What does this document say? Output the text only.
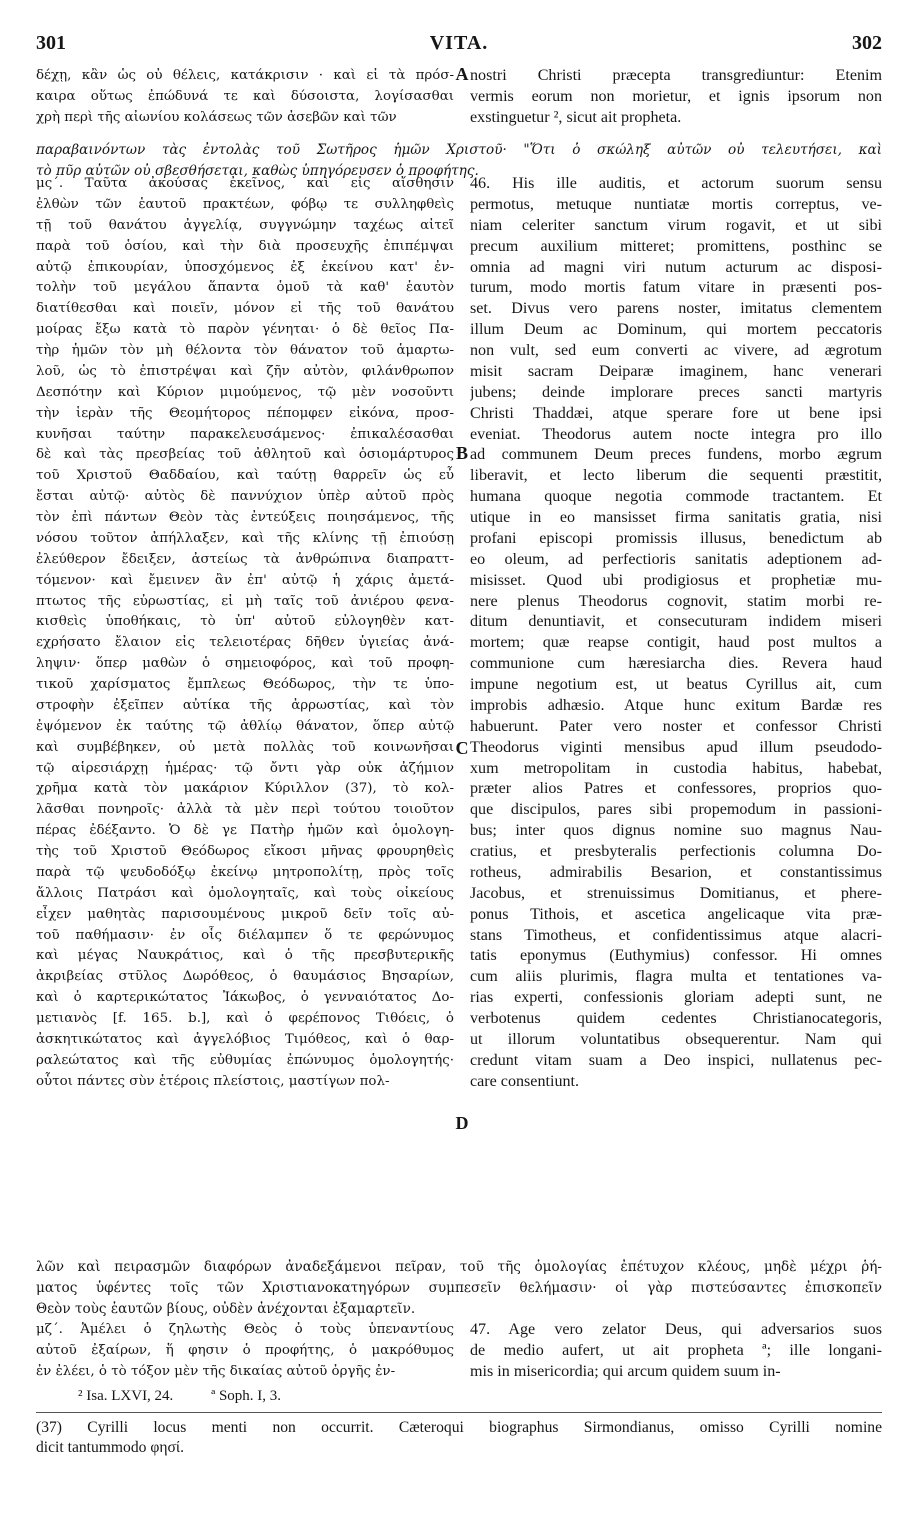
301	VITA.	302
δέχῃ, κἂν ὡς οὐ θέλεις, κατάκρισιν · καὶ εἰ τὰ πρόσ-
καιρα οὕτως ἐπώδυνά τε καὶ δύσοιστα, λογίσασθαι
χρὴ περὶ τῆς αἰωνίου κολάσεως τῶν ἀσεβῶν καὶ τῶν
nostri Christi præcepta transgrediuntur: Etenim
vermis eorum non morietur, et ignis ipsorum non
exstinguetur ², sicut ait propheta.
παραβαινόντων τὰς ἐντολὰς τοῦ Σωτῆρος ἡμῶν Χριστοῦ· "Ὅτι ὁ σκώληξ αὐτῶν οὐ τελευτήσει, καὶ
τὸ πῦρ αὐτῶν οὐ σβεσθήσεται, καθὼς ὑπηγόρευσεν ὁ προφήτης.
μς΄. Ταῦτα ἀκούσας ἐκεῖνος, καὶ εἰς αἴσθησιν
ἐλθὼν τῶν ἑαυτοῦ πρακτέων, φόβῳ τε συλληφθεὶς
τῇ τοῦ θανάτου ἀγγελίᾳ, συγγνώμην ταχέως αἰτεῖ
παρὰ τοῦ ὁσίου, καὶ τὴν διὰ προσευχῆς ἐπιπέμψαι
αὐτῷ ἐπικουρίαν, ὑποσχόμενος ἐξ ἐκείνου κατ' ἐν-
τολὴν τοῦ μεγάλου ἅπαντα ὁμοῦ τὰ καθ' ἑαυτὸν
διατίθεσθαι καὶ ποιεῖν, μόνον εἰ τῆς τοῦ θανάτου
μοίρας ἔξω κατὰ τὸ παρὸν γένηται· ὁ δὲ θεῖος Πα-
τὴρ ἡμῶν τὸν μὴ θέλοντα τὸν θάνατον τοῦ ἁμαρτω-
λοῦ, ὡς τὸ ἐπιστρέψαι καὶ ζῆν αὐτὸν, φιλάνθρωπον
Δεσπότην καὶ Κύριον μιμούμενος, τῷ μὲν νοσοῦντι
τὴν ἱερὰν τῆς Θεομήτορος πέπομφεν εἰκόνα, προσ-
κυνῆσαι ταύτην παρακελευσάμενος· ἐπικαλέσασθαι
δὲ καὶ τὰς πρεσβείας τοῦ ἀθλητοῦ καὶ ὁσιομάρτυρος
τοῦ Χριστοῦ Θαδδαίου, καὶ ταύτῃ θαρρεῖν ὡς εὖ
ἔσται αὐτῷ· αὐτὸς δὲ παννύχιον ὑπὲρ αὐτοῦ πρὸς
τὸν ἐπὶ πάντων Θεὸν τὰς ἐντεύξεις ποιησάμενος, τῆς
νόσου τοῦτον ἀπήλλαξεν, καὶ τῆς κλίνης τῇ ἐπιούσῃ
ἐλεύθερον ἔδειξεν, ἀστείως τὰ ἀνθρώπινα διαπραττ-
τόμενον· καὶ ἔμεινεν ἂν ἐπ' αὐτῷ ἡ χάρις ἀμετά-
πτωτος τῆς εὐρωστίας, εἰ μὴ ταῖς τοῦ ἀνιέρου φενα-
κισθεὶς ὑποθήκαις, τὸ ὑπ' αὐτοῦ εὐλογηθὲν κατ-
εχρήσατο ἔλαιον εἰς τελειοτέρας δῆθεν ὑγιείας ἀνά-
ληψιν· ὅπερ μαθὼν ὁ σημειοφόρος, καὶ τοῦ προφη-
τικοῦ χαρίσματος ἔμπλεως Θεόδωρος, τὴν τε ὑπο-
στροφὴν ἐξεῖπεν αὐτίκα τῆς ἀρρωστίας, καὶ τὸν
ἐψόμενον ἐκ ταύτης τῷ ἀθλίῳ θάνατον, ὅπερ αὐτῷ
καὶ συμβέβηκεν, οὐ μετὰ πολλὰς τοῦ κοινωνῆσαι
τῷ αἱρεσιάρχῃ ἡμέρας· τῷ ὄντι γὰρ οὐκ ἀζήμιον
χρῆμα κατὰ τὸν μακάριον Κύριλλον (37), τὸ κολ-
λᾶσθαι πονηροῖς· ἀλλὰ τὰ μὲν περὶ τούτου τοιοῦτον
πέρας ἐδέξαντο. Ὁ δὲ γε Πατὴρ ἡμῶν καὶ ὁμολογη-
τὴς τοῦ Χριστοῦ Θεόδωρος εἴκοσι μῆνας φρουρηθεὶς
παρὰ τῷ ψευδοδόξῳ ἐκείνῳ μητροπολίτῃ, πρὸς τοῖς
ἄλλοις Πατράσι καὶ ὁμολογηταῖς, καὶ τοὺς οἰκείους
εἶχεν μαθητὰς παρισουμένους μικροῦ δεῖν τοῖς αὐ-
τοῦ παθήμασιν· ἐν οἷς διέλαμπεν ὅ τε φερώνυμος
καὶ μέγας Ναυκράτιος, καὶ ὁ τῆς πρεσβυτερικῆς
ἀκριβείας στῦλος Δωρόθεος, ὁ θαυμάσιος Βησαρίων,
καὶ ὁ καρτερικώτατος Ἰάκωβος, ὁ γενναιότατος Δο-
μετιανὸς [f. 165. b.], καὶ ὁ φερέπονος Τιθόεις, ὁ
ἀσκητικώτατος καὶ ἀγγελόβιος Τιμόθεος, καὶ ὁ θαρ-
ραλεώτατος καὶ τῆς εὐθυμίας ἐπώνυμος ὁμολογητής·
οὗτοι πάντες σὺν ἑτέροις πλείστοις, μαστίγων πολ-
46. His ille auditis, et actorum suorum sensu
permotus, metuque nuntiatæ mortis correptus, ve-
niam celeriter sanctum virum rogavit, et ut sibi
precum auxilium mitteret; promittens, posthinc se
omnia ad magni viri nutum acturum ac disposi-
turum, modo mortis fatum vitare in præsenti pos-
set. Divus vero parens noster, imitatus clementem
illum Deum ac Dominum, qui mortem peccatoris
non vult, sed eum converti ac vivere, ad ægrotum
misit sacram Deiparæ imaginem, hanc venerari
jubens; deinde implorare preces sancti martyris
Christi Thaddæi, atque sperare fore ut bene ipsi
eveniat. Theodorus autem nocte integra pro illo
ad communem Deum preces fundens, morbo ægrum
liberavit, et lecto liberum die sequenti præstitit,
humana quoque negotia commode tractantem. Et
utique in eo mansisset firma sanitatis gratia, nisi
profani episcopi promissis illusus, benedictum ab
eo oleum, ad perfectioris sanitatis adeptionem ad-
misisset. Quod ubi prodigiosus et prophetiæ mu-
nere plenus Theodorus cognovit, statim morbi re-
ditum denuntiavit, et consecuturam indidem miseri
mortem; quæ reapse contigit, haud post multos a
communione cum hæresiarcha dies. Revera haud
impune negotium est, ut beatus Cyrillus ait, cum
improbis adhæsio. Atque hunc exitum Bardæ res
habuerunt. Pater vero noster et confessor Christi
Theodorus viginti mensibus apud illum pseudodo-
xum metropolitam in custodia habitus, habebat,
præter alios Patres et confessores, proprios quo-
que discipulos, pares sibi propemodum in passioni-
bus; inter quos dignus nomine suo magnus Nau-
cratius, et presbyteralis perfectionis columna Do-
rotheus, admirabilis Besarion, et constantissimus
Jacobus, et strenuissimus Domitianus, et phere-
ponus Tithois, et ascetica angelicaque vita præ-
stans Timotheus, et confidentissimus atque alacri-
tatis eponymus (Euthymius) confessor. Hi omnes
cum aliis plurimis, flagra multa et tentationes va-
rias experti, confessionis gloriam adepti sunt, ne
verbotenus quidem cedentes Christianocategoris,
ut illorum voluntatibus obsequerentur. Nam qui
credunt vitam suam a Deo inspici, nullatenus pec-
care consentiunt.
λῶν καὶ πειρασμῶν διαφόρων ἀναδεξάμενοι πεῖραν, τοῦ τῆς ὁμολογίας ἐπέτυχον κλέους, μηδὲ μέχρι ῥή-
ματος ὑφέντες τοῖς τῶν Χριστιανοκατηγόρων συμπεσεῖν θελήμασιν· οἱ γὰρ πιστεύσαντες ἐπισκοπεῖν
Θεὸν τοὺς ἑαυτῶν βίους, οὐδὲν ἀνέχονται ἐξαμαρτεῖν.
μζ΄. Ἀμέλει ὁ ζηλωτὴς Θεὸς ὁ τοὺς ὑπεναντίους
αὐτοῦ ἐξαίρων, ἥ φησιν ὁ προφήτης, ὁ μακρόθυμος
ἐν ἐλέει, ὁ τὸ τόξον μὲν τῆς δικαίας αὐτοῦ ὀργῆς ἐν-
47. Age vero zelator Deus, qui adversarios suos
de medio aufert, ut ait propheta ª; ille longani-
mis in misericordia; qui arcum quidem suum in-
A
B
C
D
² Isa. LXVI, 24.	ª Soph. I, 3.
(37) Cyrilli locus menti non occurrit. Cæteroqui biographus Sirmondianus, omisso Cyrilli nomine
dicit tantummodo φησί.
